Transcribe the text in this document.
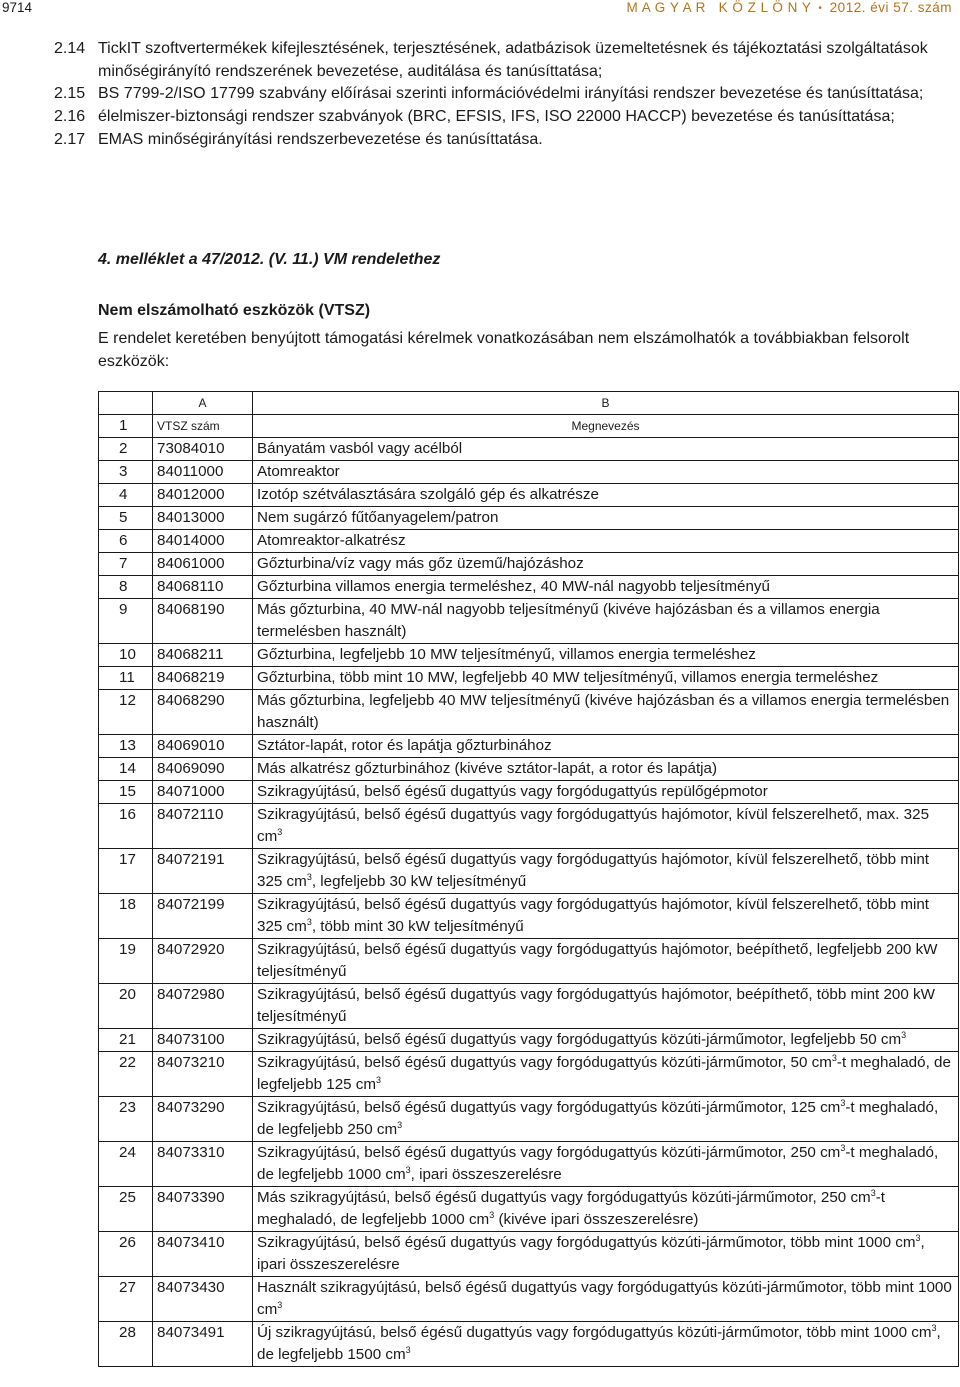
9714	M A G Y A R   K Ö Z L Ö N Y • 2012. évi 57. szám
2.14 TickIT szoftvertermékek kifejlesztésének, terjesztésének, adatbázisok üzemeltetésnek és tájékoztatási szolgáltatások minőségirányító rendszerének bevezetése, auditálása és tanúsíttatása;
2.15 BS 7799-2/ISO 17799 szabvány előírásai szerinti információvédelmi irányítási rendszer bevezetése és tanúsíttatása;
2.16 élelmiszer-biztonsági rendszer szabványok (BRC, EFSIS, IFS, ISO 22000 HACCP) bevezetése és tanúsíttatása;
2.17 EMAS minőségirányítási rendszerbevezetése és tanúsíttatása.
4. melléklet a 47/2012. (V. 11.) VM rendelethez
Nem elszámolható eszközök (VTSZ)
E rendelet keretében benyújtott támogatási kérelmek vonatkozásában nem elszámolhatók a továbbiakban felsorolt eszközök:
	A	B
1	VTSZ szám	Megnevezés
2	73084010	Bányatám vasból vagy acélból
3	84011000	Atomreaktor
4	84012000	Izotóp szétválasztására szolgáló gép és alkatrésze
5	84013000	Nem sugárzó fűtőanyagelem/patron
6	84014000	Atomreaktor-alkatrész
7	84061000	Gőzturbina/víz vagy más gőz üzemű/hajózáshoz
8	84068110	Gőzturbina villamos energia termeléshez, 40 MW-nál nagyobb teljesítményű
9	84068190	Más gőzturbina, 40 MW-nál nagyobb teljesítményű (kivéve hajózásban és a villamos energia termelésben használt)
10	84068211	Gőzturbina, legfeljebb 10 MW teljesítményű, villamos energia termeléshez
11	84068219	Gőzturbina, több mint 10 MW, legfeljebb 40 MW teljesítményű, villamos energia termeléshez
12	84068290	Más gőzturbina, legfeljebb 40 MW teljesítményű (kivéve hajózásban és a villamos energia termelésben használt)
13	84069010	Sztátor-lapát, rotor és lapátja gőzturbinához
14	84069090	Más alkatrész gőzturbinához (kivéve sztátor-lapát, a rotor és lapátja)
15	84071000	Szikragyújtású, belső égésű dugattyús vagy forgódugattyús repülőgépmotor
16	84072110	Szikragyújtású, belső égésű dugattyús vagy forgódugattyús hajómotor, kívül felszerelhető, max. 325 $cm^3$
17	84072191	Szikragyújtású, belső égésű dugattyús vagy forgódugattyús hajómotor, kívül felszerelhető, több mint 325 $cm^3$, legfeljebb 30 kW teljesítményű
18	84072199	Szikragyújtású, belső égésű dugattyús vagy forgódugattyús hajómotor, kívül felszerelhető, több mint 325 $cm^3$, több mint 30 kW teljesítményű
19	84072920	Szikragyújtású, belső égésű dugattyús vagy forgódugattyús hajómotor, beépíthető, legfeljebb 200 kW teljesítményű
20	84072980	Szikragyújtású, belső égésű dugattyús vagy forgódugattyús hajómotor, beépíthető, több mint 200 kW teljesítményű
21	84073100	Szikragyújtású, belső égésű dugattyús vagy forgódugattyús közúti-járműmotor, legfeljebb 50 $cm^3$
22	84073210	Szikragyújtású, belső égésű dugattyús vagy forgódugattyús közúti-járműmotor, 50 $cm^3-t$ meghaladó, de legfeljebb 125 $cm^3$
23	84073290	Szikragyújtású, belső égésű dugattyús vagy forgódugattyús közúti-járműmotor, 125 $cm^3-t$ meghaladó, de legfeljebb 250 $cm^3$
24	84073310	Szikragyújtású, belső égésű dugattyús vagy forgódugattyús közúti-járműmotor, 250 $cm^3-t$ meghaladó, de legfeljebb 1000 $cm^3$, ipari összeszerelésre
25	84073390	Más szikragyújtású, belső égésű dugattyús vagy forgódugattyús közúti-járműmotor, 250 $cm^3-t$ meghaladó, de legfeljebb 1000 $cm^3$ (kivéve ipari összeszerelésre)
26	84073410	Szikragyújtású, belső égésű dugattyús vagy forgódugattyús közúti-járműmotor, több mint 1000 $cm^3$, ipari összeszerelésre
27	84073430	Használt szikragyújtású, belső égésű dugattyús vagy forgódugattyús közúti-járműmotor, több mint 1000 $cm^3$
28	84073491	Új szikragyújtású, belső égésű dugattyús vagy forgódugattyús közúti-járműmotor, több mint 1000 $cm^3$, de legfeljebb 1500 $cm^3$
